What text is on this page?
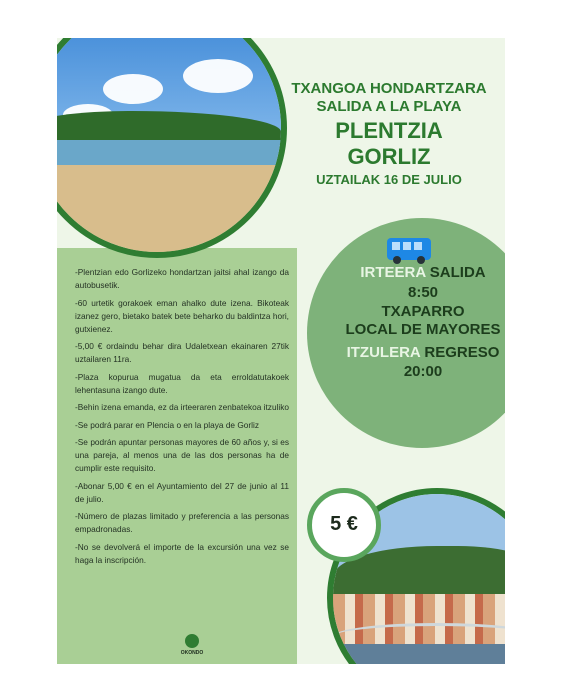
TXANGOA HONDARTZARA
SALIDA A LA PLAYA
PLENTZIA
GORLIZ
UZTAILAK 16 DE JULIO
IRTEERA SALIDA
8:50
TXAPARRO
LOCAL DE MAYORES
ITZULERA REGRESO
20:00

-Plentzian edo Gorlizeko hondartzan jaitsi ahal izango da autobusetik.

-60 urtetik gorakoek eman ahalko dute izena. Bikoteak izanez gero, bietako batek bete beharko du baldintza hori, gutxienez.

-5,00 € ordaindu behar dira Udaletxean ekainaren 27tik uztailaren 11ra.

-Plaza kopurua mugatua da eta erroldatutakoek lehentasuna izango dute.

-Behin izena emanda, ez da irteeraren zenbatekoa itzuliko

-Se podrá parar en Plencia o en la playa de Gorliz

-Se podrán apuntar personas mayores de 60 años y, si es una pareja, al menos una de las dos personas ha de cumplir este requisito.

-Abonar 5,00 € en el Ayuntamiento del 27 de junio al 11 de julio.

-Número de plazas limitado y preferencia a las personas empadronadas.

-No se devolverá el importe de la excursión una vez se haga la inscripción.

5 €
OKONDO
